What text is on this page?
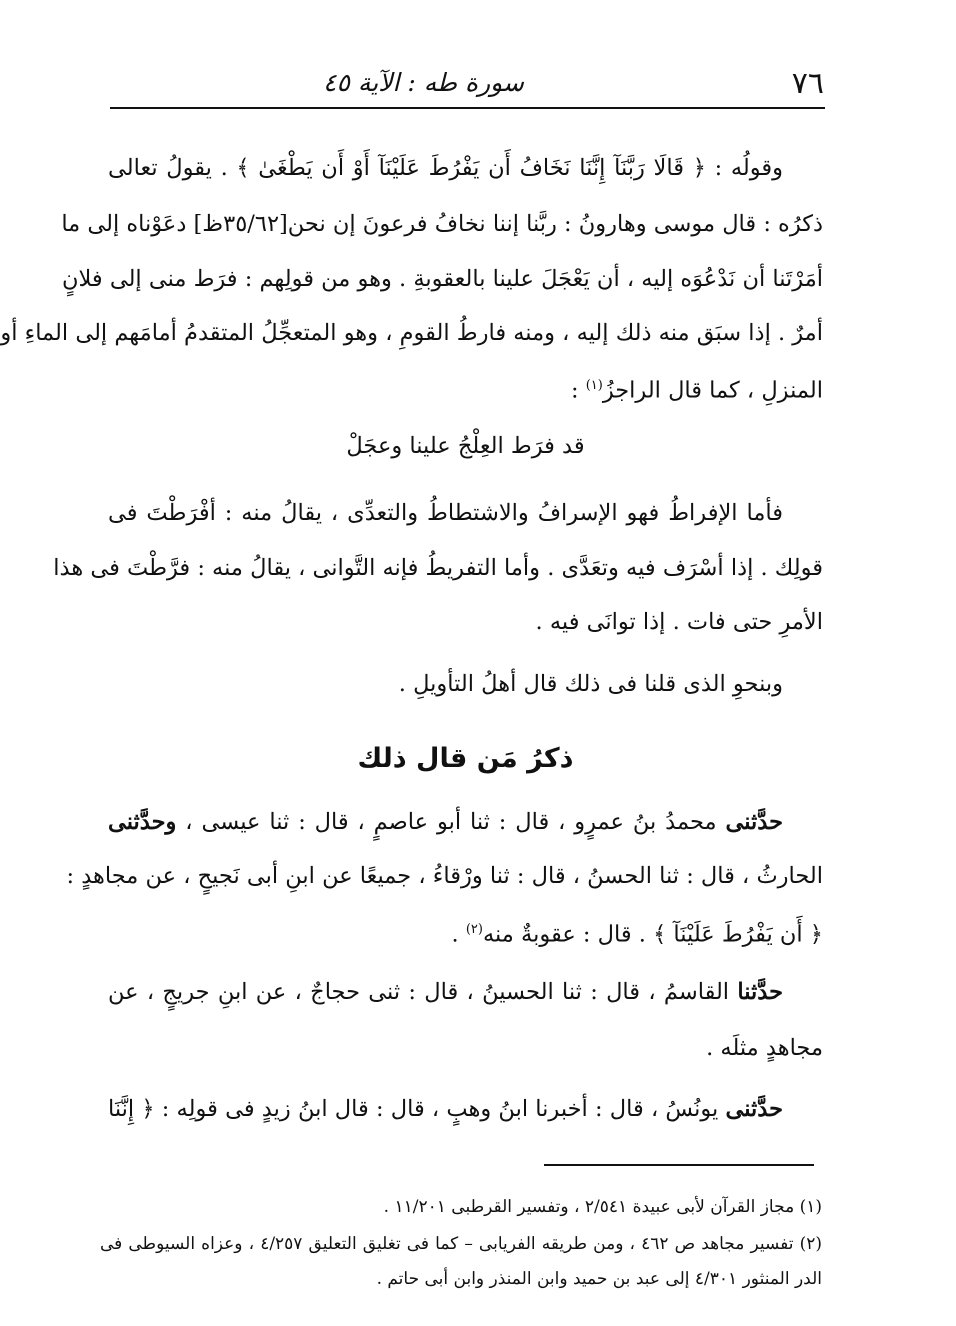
٧٦
سورة طه : الآية ٤٥
وقولُه : ﴿ قَالَا رَبَّنَآ إِنَّنَا نَخَافُ أَن يَفْرُطَ عَلَيْنَآ أَوْ أَن يَطْغَىٰ ﴾ . يقولُ تعالى
ذكرُه : قال موسى وهارونُ : ربَّنا إننا نخافُ فرعونَ إن نحن[٣٥/٦٢ظ] دعَوْناه إلى ما
أمَرْتَنا أن نَدْعُوَه إليه ، أن يَعْجَلَ علينا بالعقوبةِ . وهو من قولِهم : فرَط منى إلى فلانٍ
أمرٌ . إذا سبَق منه ذلك إليه ، ومنه فارطُ القومِ ، وهو المتعجِّلُ المتقدمُ أمامَهم إلى الماءِ أو
المنزلِ ، كما قال الراجزُ$^{(١)}$ :
قد فرَط العِلْجُ علينا وعجَلْ
فأما الإفراطُ فهو الإسرافُ والاشتطاطُ والتعدِّى ، يقالُ منه : أفْرَطْتَ فى
قولِك . إذا أسْرَف فيه وتعَدَّى . وأما التفريطُ فإنه التَّوانى ، يقالُ منه : فرَّطْتَ فى هذا
الأمرِ حتى فات . إذا توانَى فيه .
وبنحوِ الذى قلنا فى ذلك قال أهلُ التأويلِ .
ذكرُ مَن قال ذلك
حدَّثنى محمدُ بنُ عمرٍو ، قال : ثنا أبو عاصمٍ ، قال : ثنا عيسى ، وحدَّثنى
الحارثُ ، قال : ثنا الحسنُ ، قال : ثنا ورْقاءُ ، جميعًا عن ابنِ أبى نَجيحٍ ، عن مجاهدٍ :
﴿ أَن يَفْرُطَ عَلَيْنَآ ﴾ . قال : عقوبةٌ منه$^{(٢)}$ .
حدَّثنا القاسمُ ، قال : ثنا الحسينُ ، قال : ثنى حجاجٌ ، عن ابنِ جريجٍ ، عن
مجاهدٍ مثلَه .
حدَّثنى يونُسُ ، قال : أخبرنا ابنُ وهبٍ ، قال : قال ابنُ زيدٍ فى قولِه : ﴿ إِنَّنَا
(١) مجاز القرآن لأبى عبيدة ٢/٥٤١ ، وتفسير القرطبى ١١/٢٠١ .
(٢) تفسير مجاهد ص ٤٦٢ ، ومن طريقه الفريابى – كما فى تغليق التعليق ٤/٢٥٧ ، وعزاه السيوطى فى
الدر المنثور ٤/٣٠١ إلى عبد بن حميد وابن المنذر وابن أبى حاتم .
